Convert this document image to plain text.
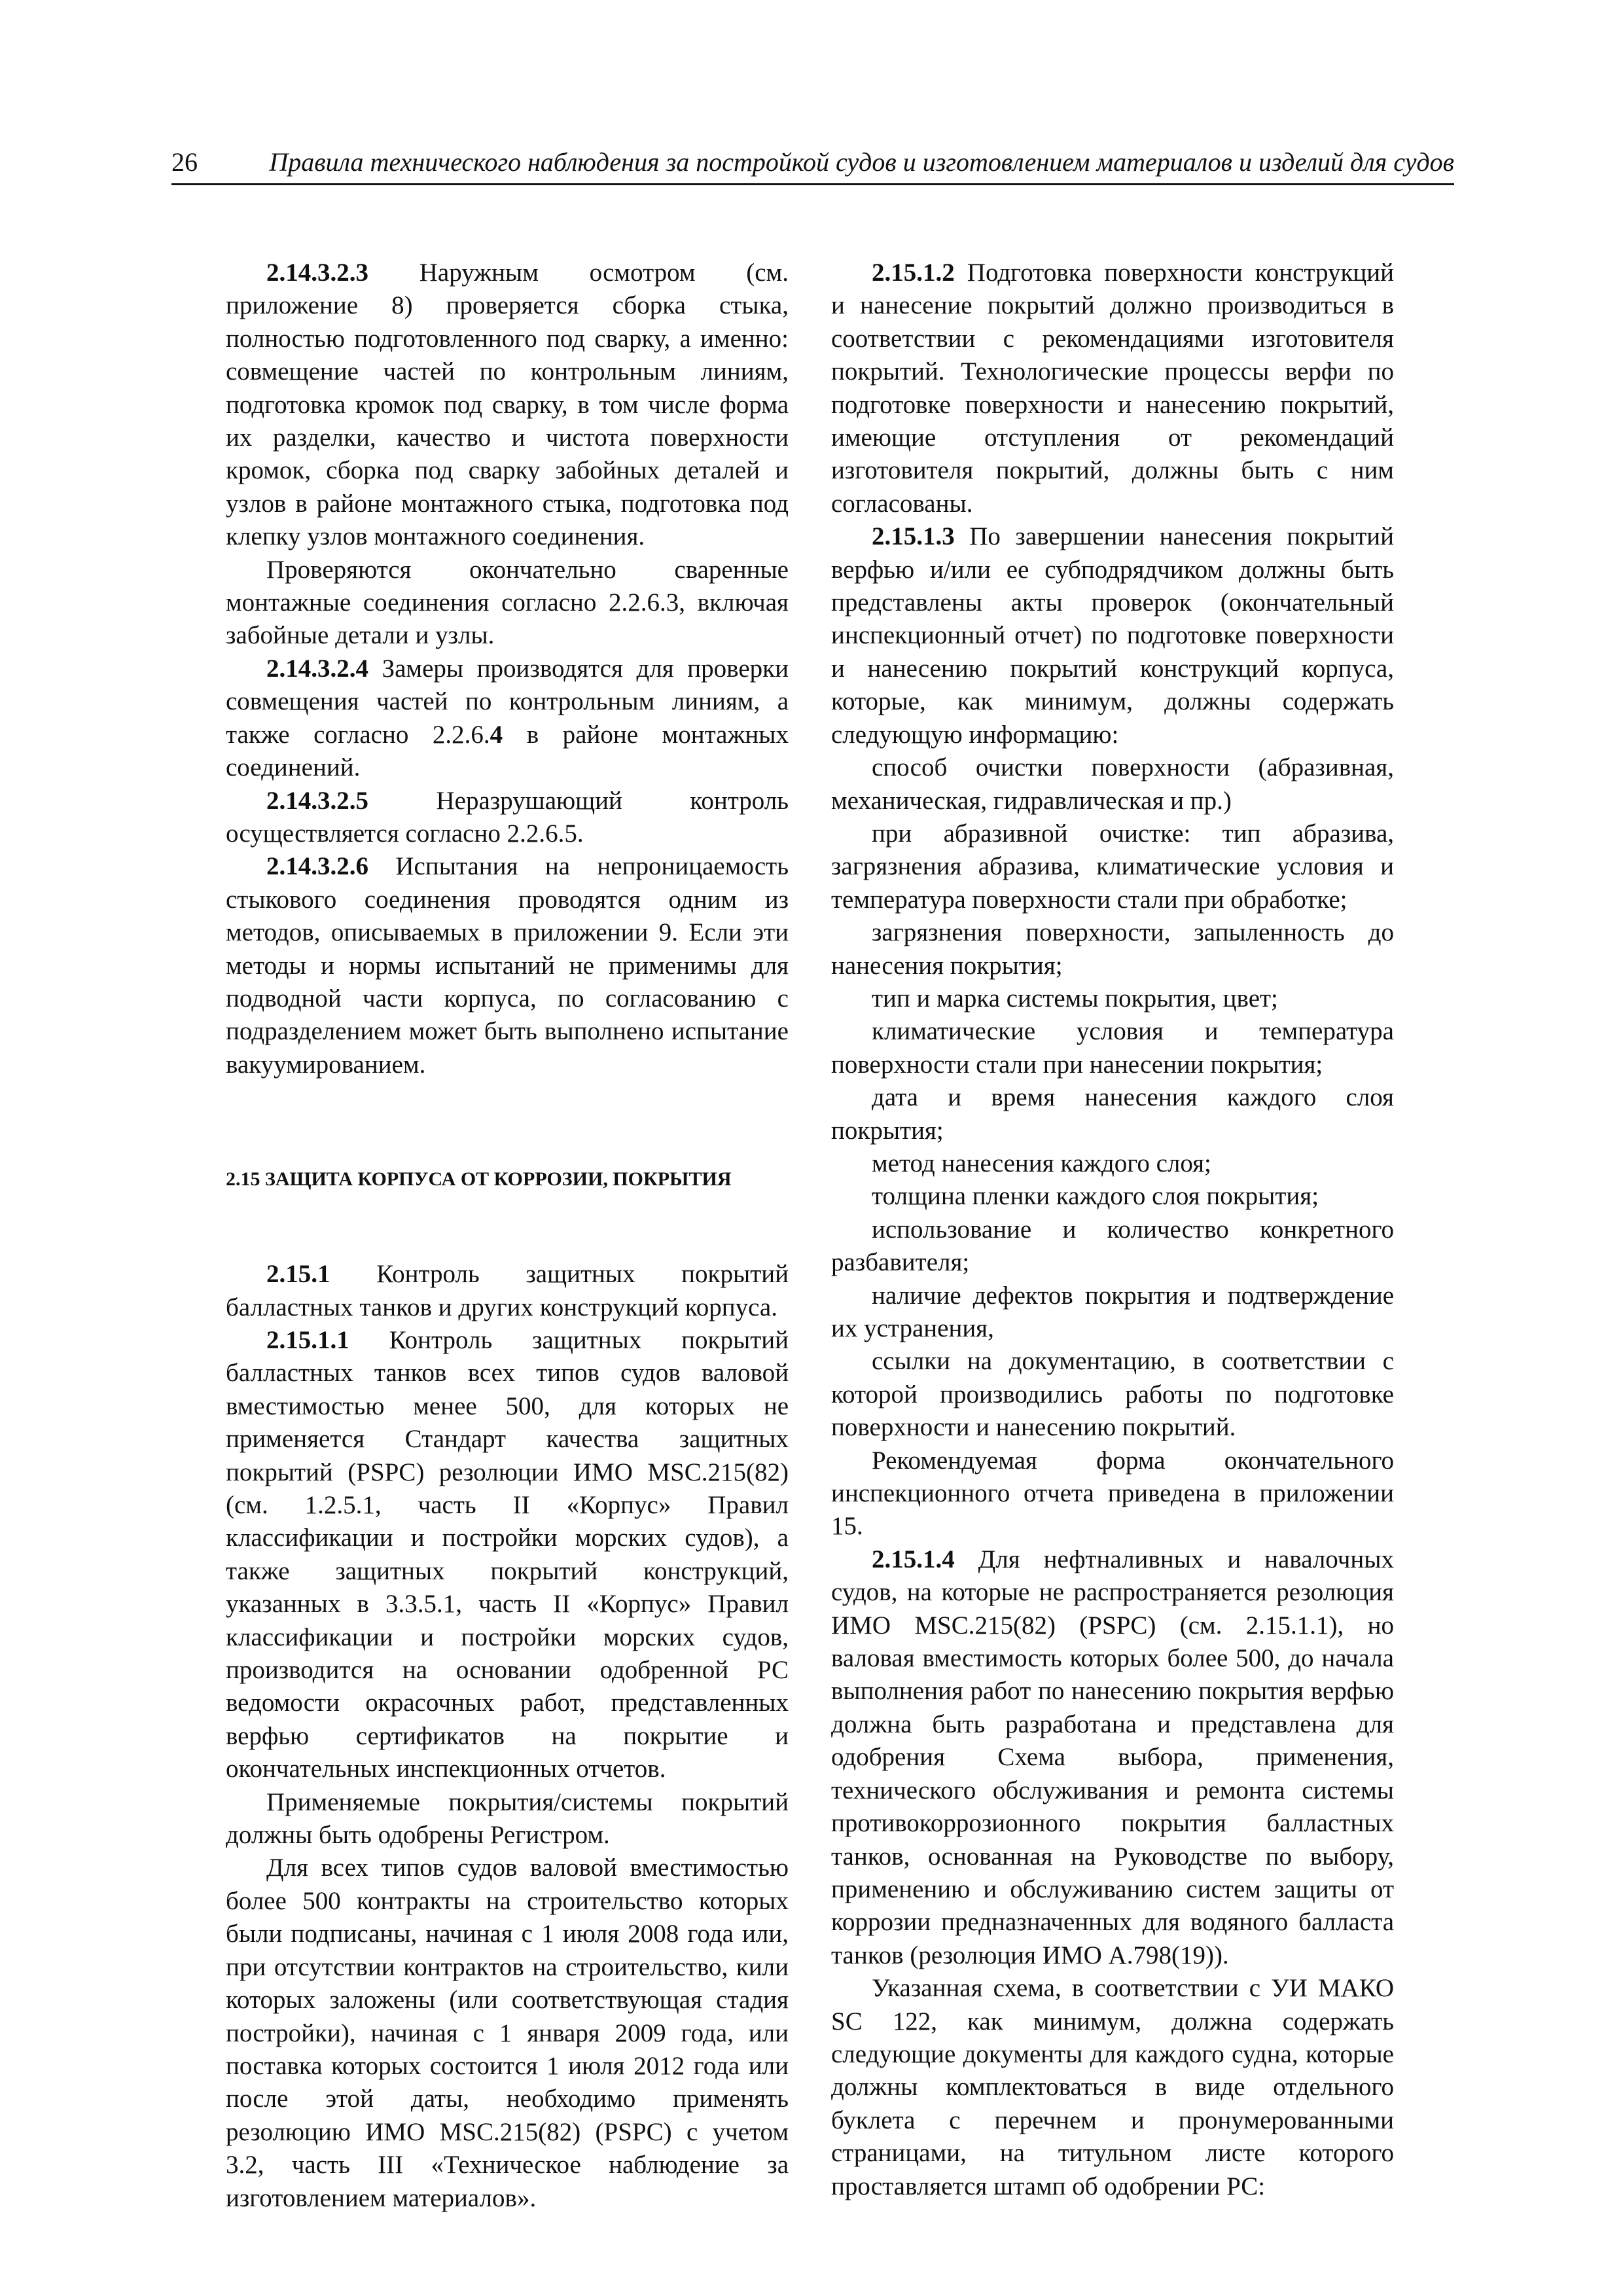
26	Правила технического наблюдения за постройкой судов и изготовлением материалов и изделий для судов

2.14.3.2.3 Наружным осмотром (см. приложение 8) проверяется сборка стыка, полностью подготовленного под сварку, а именно: совмещение частей по контрольным линиям, подготовка кромок под сварку, в том числе форма их разделки, качество и чистота поверхности кромок, сборка под сварку забойных деталей и узлов в районе монтажного стыка, подготовка под клепку узлов монтажного соединения.

Проверяются окончательно сваренные монтажные соединения согласно 2.2.6.3, включая забойные детали и узлы.

2.14.3.2.4 Замеры производятся для проверки совмещения частей по контрольным линиям, а также согласно 2.2.6.4 в районе монтажных соединений.

2.14.3.2.5 Неразрушающий контроль осуществляется согласно 2.2.6.5.

2.14.3.2.6 Испытания на непроницаемость стыкового соединения проводятся одним из методов, описываемых в приложении 9. Если эти методы и нормы испытаний не применимы для подводной части корпуса, по согласованию с подразделением может быть выполнено испытание вакуумированием.

2.15 ЗАЩИТА КОРПУСА ОТ КОРРОЗИИ, ПОКРЫТИЯ

2.15.1 Контроль защитных покрытий балластных танков и других конструкций корпуса.

2.15.1.1 Контроль защитных покрытий балластных танков всех типов судов валовой вместимостью менее 500, для которых не применяется Стандарт качества защитных покрытий (PSPC) резолюции ИМО MSC.215(82) (см. 1.2.5.1, часть II «Корпус» Правил классификации и постройки морских судов), а также защитных покрытий конструкций, указанных в 3.3.5.1, часть II «Корпус» Правил классификации и постройки морских судов, производится на основании одобренной РС ведомости окрасочных работ, представленных верфью сертификатов на покрытие и окончательных инспекционных отчетов.

Применяемые покрытия/системы покрытий должны быть одобрены Регистром.

Для всех типов судов валовой вместимостью более 500 контракты на строительство которых были подписаны, начиная с 1 июля 2008 года или, при отсутствии контрактов на строительство, кили которых заложены (или соответствующая стадия постройки), начиная с 1 января 2009 года, или поставка которых состоится 1 июля 2012 года или после этой даты, необходимо применять резолюцию ИМО MSC.215(82) (PSPC) с учетом 3.2, часть III «Техническое наблюдение за изготовлением материалов».

2.15.1.2 Подготовка поверхности конструкций и нанесение покрытий должно производиться в соответствии с рекомендациями изготовителя покрытий. Технологические процессы верфи по подготовке поверхности и нанесению покрытий, имеющие отступления от рекомендаций изготовителя покрытий, должны быть с ним согласованы.

2.15.1.3 По завершении нанесения покрытий верфью и/или ее субподрядчиком должны быть представлены акты проверок (окончательный инспекционный отчет) по подготовке поверхности и нанесению покрытий конструкций корпуса, которые, как минимум, должны содержать следующую информацию:

способ очистки поверхности (абразивная, механическая, гидравлическая и пр.)

при абразивной очистке: тип абразива, загрязнения абразива, климатические условия и температура поверхности стали при обработке;

загрязнения поверхности, запыленность до нанесения покрытия;

тип и марка системы покрытия, цвет;

климатические условия и температура поверхности стали при нанесении покрытия;

дата и время нанесения каждого слоя покрытия;

метод нанесения каждого слоя;

толщина пленки каждого слоя покрытия;

использование и количество конкретного разбавителя;

наличие дефектов покрытия и подтверждение их устранения,

ссылки на документацию, в соответствии с которой производились работы по подготовке поверхности и нанесению покрытий.

Рекомендуемая форма окончательного инспекционного отчета приведена в приложении 15.

2.15.1.4 Для нефтналивных и навалочных судов, на которые не распространяется резолюция ИМО MSC.215(82) (PSPC) (см. 2.15.1.1), но валовая вместимость которых более 500, до начала выполнения работ по нанесению покрытия верфью должна быть разработана и представлена для одобрения Схема выбора, применения, технического обслуживания и ремонта системы противокоррозионного покрытия балластных танков, основанная на Руководстве по выбору, применению и обслуживанию систем защиты от коррозии предназначенных для водяного балласта танков (резолюция ИМО А.798(19)).

Указанная схема, в соответствии с УИ МАКО SC 122, как минимум, должна содержать следующие документы для каждого судна, которые должны комплектоваться в виде отдельного буклета с перечнем и пронумерованными страницами, на титульном листе которого проставляется штамп об одобрении РС:
